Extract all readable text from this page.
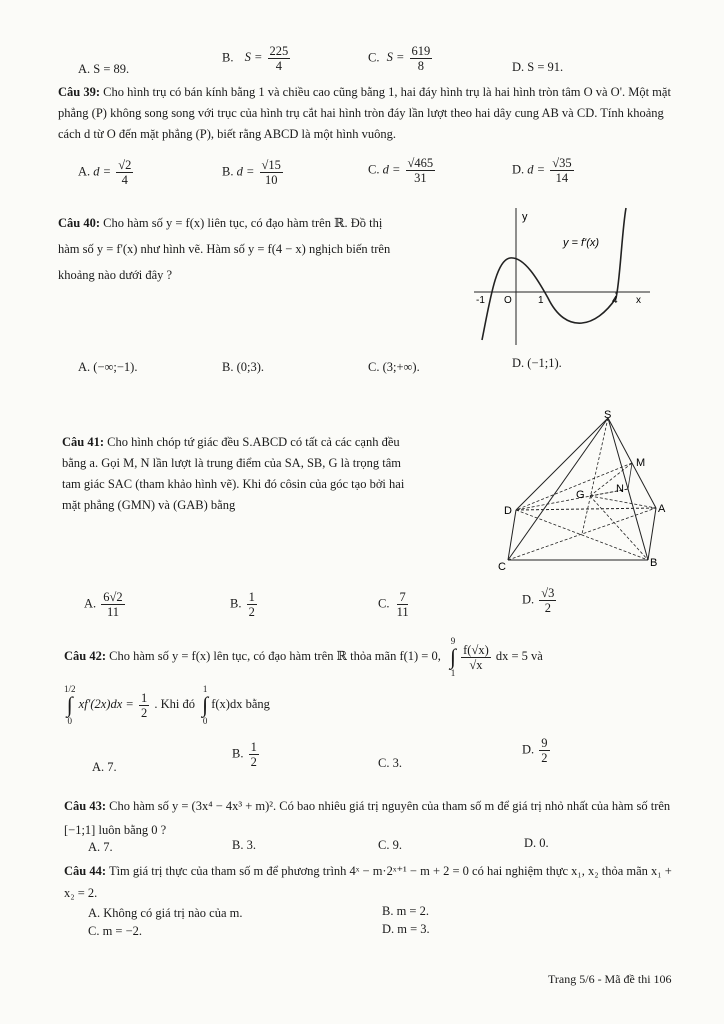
A. S = 89.
B. $S = \frac{225}{4}$	C. $S = \frac{619}{8}$	D. S = 91.
Câu 39: Cho hình trụ có bán kính bằng 1 và chiều cao cũng bằng 1, hai đáy hình trụ là hai hình tròn tâm O và O'. Một mặt phẳng (P) không song song với trục của hình trụ cắt hai hình tròn đáy lần lượt theo hai dây cung AB và CD. Tính khoảng cách d từ O đến mặt phẳng (P), biết rằng ABCD là một hình vuông.
A. $d = \frac{√2}{4}$	B. $d = \frac{√15}{10}$	C. $d = \frac{√465}{31}$	D. $d = \frac{√35}{14}$
Câu 40: Cho hàm số y = f(x) liên tục, có đạo hàm trên ℝ. Đồ thị hàm số y = f'(x) như hình vẽ. Hàm số y = f(4 − x) nghịch biến trên khoảng nào dưới đây ?
y
y = f'(x)
-1 O	1	4 x
A. (−∞;−1).	B. (0;3).	C. (3;+∞).	D. (−1;1).
Câu 41: Cho hình chóp tứ giác đều S.ABCD có tất cả các cạnh đều bằng a. Gọi M, N lần lượt là trung điểm của SA, SB, G là trọng tâm tam giác SAC (tham khảo hình vẽ). Khi đó côsin của góc tạo bởi hai mặt phẳng (GMN) và (GAB) bằng
S
M
N
G
D	A
C	B
A. $\frac{6√2}{11}$	B. $\frac{1}{2}$	C. $\frac{7}{11}$	D. $\frac{√3}{2}$
Câu 42: Cho hàm số y = f(x) lên tục, có đạo hàm trên ℝ thỏa mãn f(1) = 0,
9
∫
1

$\frac{f(√x)}{√x}$ dx = 5 và
1/2
∫
0
$xf'(2x)dx = \frac{1}{2}$ . Khi đó
1
∫
0
f(x)dx bằng
A. 7.
B. $\frac{1}{2}$	C. 3.
D. $\frac{9}{2}$
Câu 43: Cho hàm số y = (3x⁴ − 4x³ + m)². Có bao nhiêu giá trị nguyên của tham số m để giá trị nhỏ nhất của hàm số trên [−1;1] luôn bằng 0 ?
A. 7.	B. 3.	C. 9.	D. 0.
Câu 44: Tìm giá trị thực của tham số m để phương trình 4ˣ − m·2ˣ⁺¹ − m + 2 = 0 có hai nghiệm thực x₁, x₂ thỏa mãn x₁ + x₂ = 2.
A. Không có giá trị nào của m.	B. m = 2.
C. m = −2.	D. m = 3.
Trang 5/6 - Mã đề thi 106
